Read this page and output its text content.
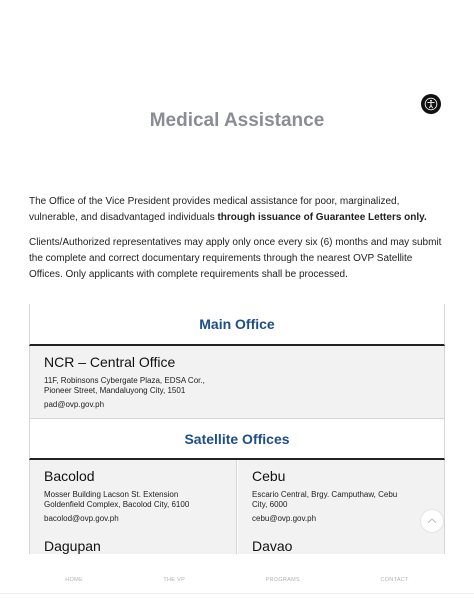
Medical Assistance

The Office of the Vice President provides medical assistance for poor, marginalized, vulnerable, and disadvantaged individuals through issuance of Guarantee Letters only.

Clients/Authorized representatives may apply only once every six (6) months and may submit the complete and correct documentary requirements through the nearest OVP Satellite Offices. Only applicants with complete requirements shall be processed.

Main Office
NCR – Central Office
11F, Robinsons Cybergate Plaza, EDSA Cor.,
Pioneer Street, Mandaluyong City, 1501
pad@ovp.gov.ph
Satellite Offices
Bacolod
Mosser Building Lacson St. Extension
Goldenfield Complex, Bacolod City, 6100
bacolod@ovp.gov.ph
Cebu
Escario Central, Brgy. Camputhaw, Cebu
City, 6000
cebu@ovp.gov.ph
Dagupan	Davao
HOME	THE VP	PROGRAMS	CONTACT
